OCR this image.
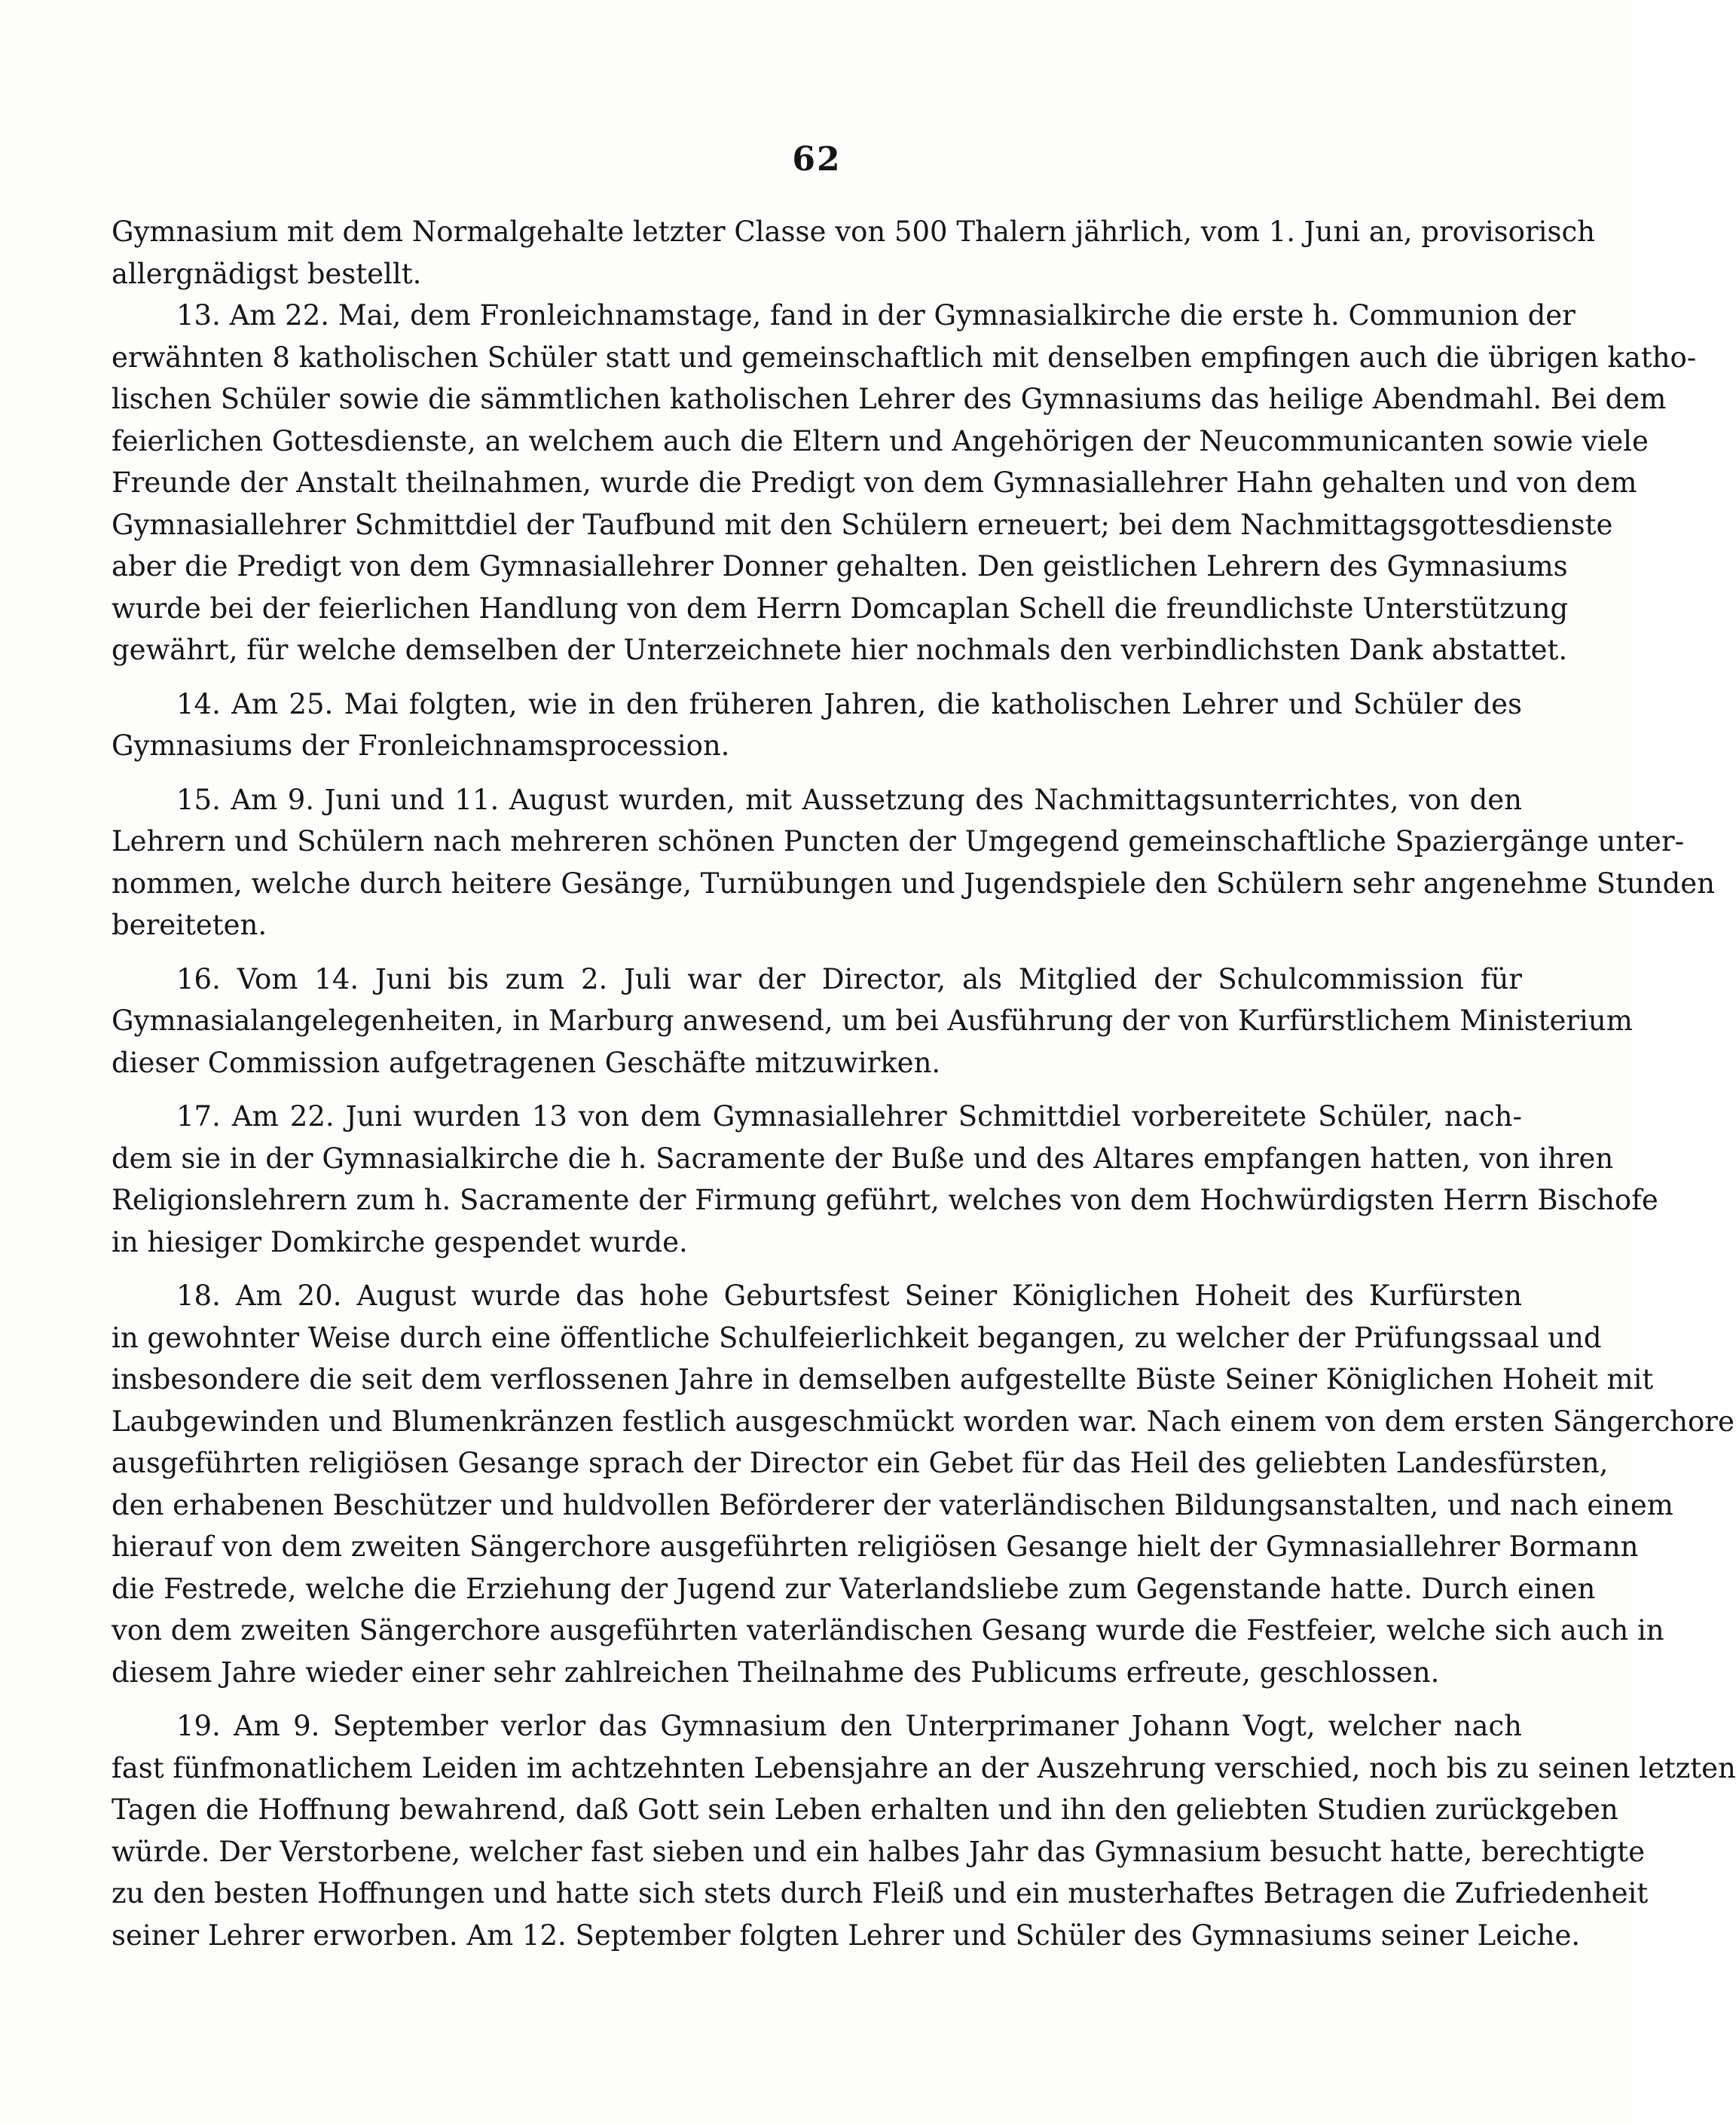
62
Gymnasium mit dem Normalgehalte letzter Classe von 500 Thalern jährlich, vom 1. Juni an, provisorisch
allergnädigst bestellt.
13. Am 22. Mai, dem Fronleichnamstage, fand in der Gymnasialkirche die erste h. Communion der
erwähnten 8 katholischen Schüler statt und gemeinschaftlich mit denselben empfingen auch die übrigen katho-
lischen Schüler sowie die sämmtlichen katholischen Lehrer des Gymnasiums das heilige Abendmahl. Bei dem
feierlichen Gottesdienste, an welchem auch die Eltern und Angehörigen der Neucommunicanten sowie viele
Freunde der Anstalt theilnahmen, wurde die Predigt von dem Gymnasiallehrer Hahn gehalten und von dem
Gymnasiallehrer Schmittdiel der Taufbund mit den Schülern erneuert; bei dem Nachmittagsgottesdienste
aber die Predigt von dem Gymnasiallehrer Donner gehalten. Den geistlichen Lehrern des Gymnasiums
wurde bei der feierlichen Handlung von dem Herrn Domcaplan Schell die freundlichste Unterstützung
gewährt, für welche demselben der Unterzeichnete hier nochmals den verbindlichsten Dank abstattet.
14. Am 25. Mai folgten, wie in den früheren Jahren, die katholischen Lehrer und Schüler des
Gymnasiums der Fronleichnamsprocession.
15. Am 9. Juni und 11. August wurden, mit Aussetzung des Nachmittagsunterrichtes, von den
Lehrern und Schülern nach mehreren schönen Puncten der Umgegend gemeinschaftliche Spaziergänge unter-
nommen, welche durch heitere Gesänge, Turnübungen und Jugendspiele den Schülern sehr angenehme Stunden
bereiteten.
16. Vom 14. Juni bis zum 2. Juli war der Director, als Mitglied der Schulcommission für
Gymnasialangelegenheiten, in Marburg anwesend, um bei Ausführung der von Kurfürstlichem Ministerium
dieser Commission aufgetragenen Geschäfte mitzuwirken.
17. Am 22. Juni wurden 13 von dem Gymnasiallehrer Schmittdiel vorbereitete Schüler, nach-
dem sie in der Gymnasialkirche die h. Sacramente der Buße und des Altares empfangen hatten, von ihren
Religionslehrern zum h. Sacramente der Firmung geführt, welches von dem Hochwürdigsten Herrn Bischofe
in hiesiger Domkirche gespendet wurde.
18. Am 20. August wurde das hohe Geburtsfest Seiner Königlichen Hoheit des Kurfürsten
in gewohnter Weise durch eine öffentliche Schulfeierlichkeit begangen, zu welcher der Prüfungssaal und
insbesondere die seit dem verflossenen Jahre in demselben aufgestellte Büste Seiner Königlichen Hoheit mit
Laubgewinden und Blumenkränzen festlich ausgeschmückt worden war. Nach einem von dem ersten Sängerchore
ausgeführten religiösen Gesange sprach der Director ein Gebet für das Heil des geliebten Landesfürsten,
den erhabenen Beschützer und huldvollen Beförderer der vaterländischen Bildungsanstalten, und nach einem
hierauf von dem zweiten Sängerchore ausgeführten religiösen Gesange hielt der Gymnasiallehrer Bormann
die Festrede, welche die Erziehung der Jugend zur Vaterlandsliebe zum Gegenstande hatte. Durch einen
von dem zweiten Sängerchore ausgeführten vaterländischen Gesang wurde die Festfeier, welche sich auch in
diesem Jahre wieder einer sehr zahlreichen Theilnahme des Publicums erfreute, geschlossen.
19. Am 9. September verlor das Gymnasium den Unterprimaner Johann Vogt, welcher nach
fast fünfmonatlichem Leiden im achtzehnten Lebensjahre an der Auszehrung verschied, noch bis zu seinen letzten
Tagen die Hoffnung bewahrend, daß Gott sein Leben erhalten und ihn den geliebten Studien zurückgeben
würde. Der Verstorbene, welcher fast sieben und ein halbes Jahr das Gymnasium besucht hatte, berechtigte
zu den besten Hoffnungen und hatte sich stets durch Fleiß und ein musterhaftes Betragen die Zufriedenheit
seiner Lehrer erworben. Am 12. September folgten Lehrer und Schüler des Gymnasiums seiner Leiche.
